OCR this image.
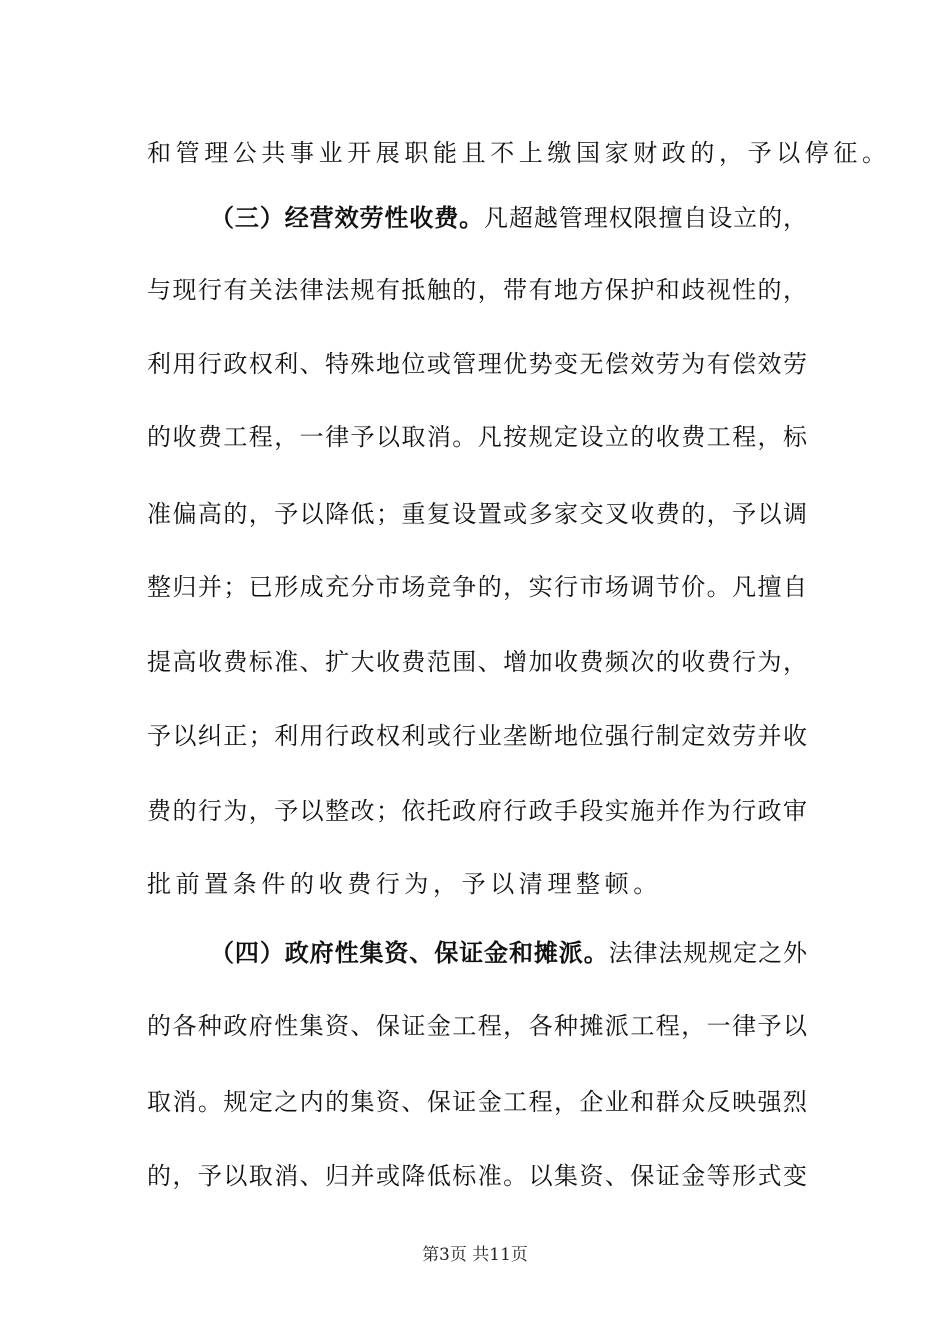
和管理公共事业开展职能且不上缴国家财政的，予以停征。
（三）经营效劳性收费。凡超越管理权限擅自设立的，
与现行有关法律法规有抵触的，带有地方保护和歧视性的，
利用行政权利、特殊地位或管理优势变无偿效劳为有偿效劳
的收费工程，一律予以取消。凡按规定设立的收费工程，标
准偏高的，予以降低；重复设置或多家交叉收费的，予以调
整归并；已形成充分市场竞争的，实行市场调节价。凡擅自
提高收费标准、扩大收费范围、增加收费频次的收费行为，
予以纠正；利用行政权利或行业垄断地位强行制定效劳并收
费的行为，予以整改；依托政府行政手段实施并作为行政审
批前置条件的收费行为，予以清理整顿。
（四）政府性集资、保证金和摊派。法律法规规定之外
的各种政府性集资、保证金工程，各种摊派工程，一律予以
取消。规定之内的集资、保证金工程，企业和群众反映强烈
的，予以取消、归并或降低标准。以集资、保证金等形式变
第3页 共11页
